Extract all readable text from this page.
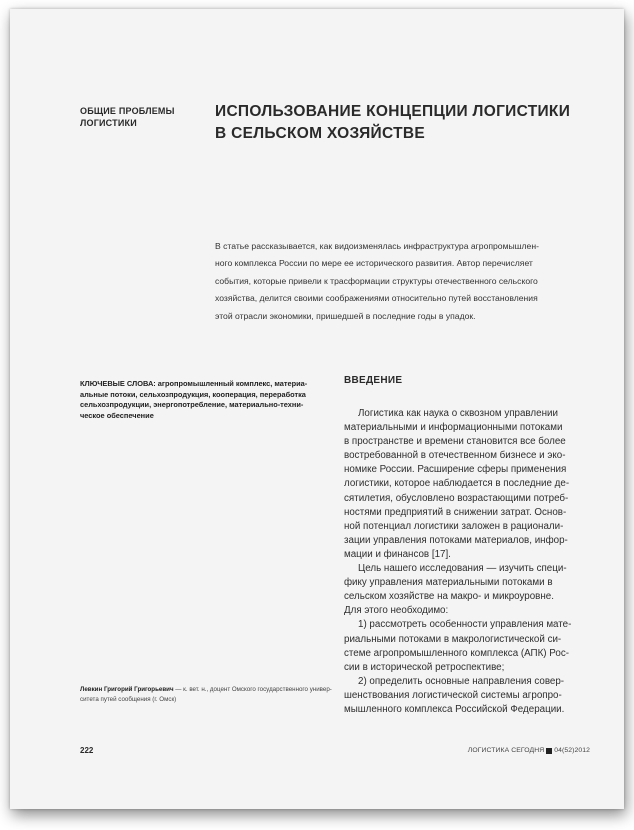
ОБЩИЕ ПРОБЛЕМЫ
ЛОГИСТИКИ
ИСПОЛЬЗОВАНИЕ КОНЦЕПЦИИ ЛОГИСТИКИ
В СЕЛЬСКОМ ХОЗЯЙСТВЕ
В статье рассказывается, как видоизменялась инфраструктура агропромышлен-
ного комплекса России по мере ее исторического развития. Автор перечисляет
события, которые привели к трасформации структуры отечественного сельского
хозяйства, делится своими соображениями относительно путей восстановления
этой отрасли экономики, пришедшей в последние годы в упадок.
КЛЮЧЕВЫЕ СЛОВА: агропромышленный комплекс, материа-
альные потоки, сельхозпродукция, кооперация, переработка
сельхозпродукции, энергопотребление, материально-техни-
ческое обеспечение
ВВЕДЕНИЕ
Логистика как наука о сквозном управлении
материальными и информационными потоками
в пространстве и времени становится все более
востребованной в отечественном бизнесе и эко-
номике России. Расширение сферы применения
логистики, которое наблюдается в последние де-
сятилетия, обусловлено возрастающими потреб-
ностями предприятий в снижении затрат. Основ-
ной потенциал логистики заложен в рационали-
зации управления потоками материалов, инфор-
мации и финансов [17].
Цель нашего исследования — изучить специ-
фику управления материальными потоками в
сельском хозяйстве на макро- и микроуровне.
Для этого необходимо:
1) рассмотреть особенности управления мате-
риальными потоками в макрологистической си-
стеме агропромышленного комплекса (АПК) Рос-
сии в исторической ретроспективе;
2) определить основные направления совер-
шенствования логистической системы агропро-
мышленного комплекса Российской Федерации.
Левкин Григорий Григорьевич — к. вет. н., доцент Омского государственного универ-
ситета путей сообщения (г. Омск)
222	ЛОГИСТИКА СЕГОДНЯ 04(52)2012
